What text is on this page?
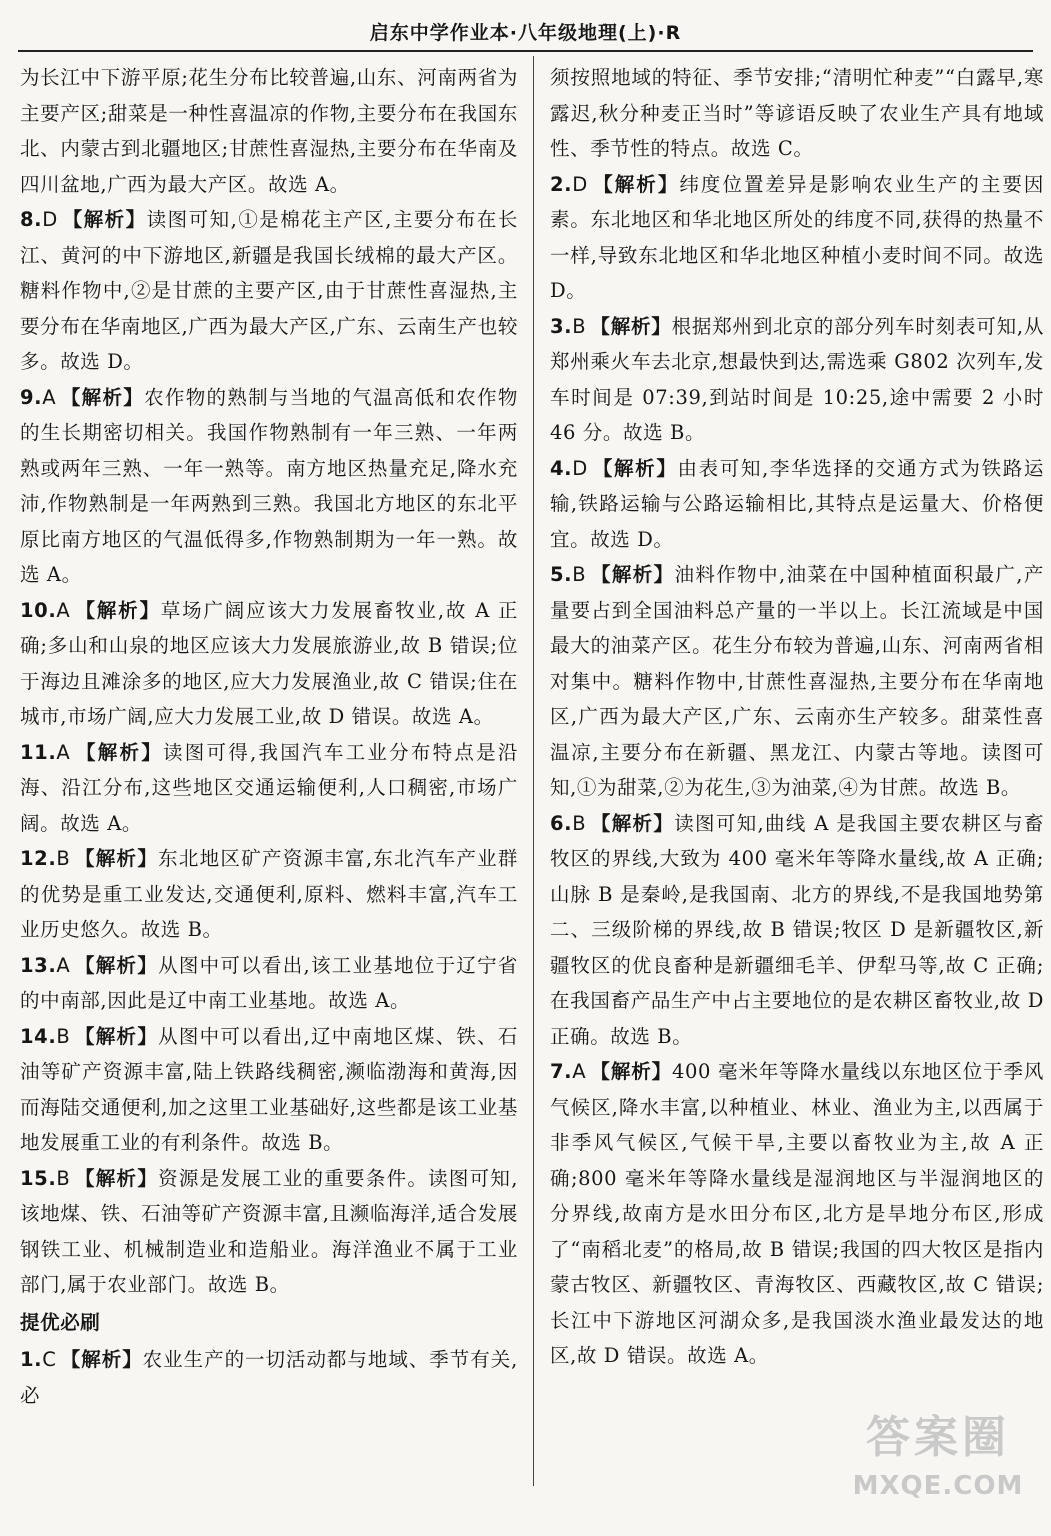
启东中学作业本·八年级地理(上)·R
为长江中下游平原;花生分布比较普遍,山东、河南两省为主要产区;甜菜是一种性喜温凉的作物,主要分布在我国东北、内蒙古到北疆地区;甘蔗性喜湿热,主要分布在华南及四川盆地,广西为最大产区。故选 A。
8.D 【解析】读图可知,①是棉花主产区,主要分布在长江、黄河的中下游地区,新疆是我国长绒棉的最大产区。糖料作物中,②是甘蔗的主要产区,由于甘蔗性喜湿热,主要分布在华南地区,广西为最大产区,广东、云南生产也较多。故选 D。
9.A 【解析】农作物的熟制与当地的气温高低和农作物的生长期密切相关。我国作物熟制有一年三熟、一年两熟或两年三熟、一年一熟等。南方地区热量充足,降水充沛,作物熟制是一年两熟到三熟。我国北方地区的东北平原比南方地区的气温低得多,作物熟制期为一年一熟。故选 A。
10.A 【解析】草场广阔应该大力发展畜牧业,故 A 正确;多山和山泉的地区应该大力发展旅游业,故 B 错误;位于海边且滩涂多的地区,应大力发展渔业,故 C 错误;住在城市,市场广阔,应大力发展工业,故 D 错误。故选 A。
11.A 【解析】读图可得,我国汽车工业分布特点是沿海、沿江分布,这些地区交通运输便利,人口稠密,市场广阔。故选 A。
12.B 【解析】东北地区矿产资源丰富,东北汽车产业群的优势是重工业发达,交通便利,原料、燃料丰富,汽车工业历史悠久。故选 B。
13.A 【解析】从图中可以看出,该工业基地位于辽宁省的中南部,因此是辽中南工业基地。故选 A。
14.B 【解析】从图中可以看出,辽中南地区煤、铁、石油等矿产资源丰富,陆上铁路线稠密,濒临渤海和黄海,因而海陆交通便利,加之这里工业基础好,这些都是该工业基地发展重工业的有利条件。故选 B。
15.B 【解析】资源是发展工业的重要条件。读图可知,该地煤、铁、石油等矿产资源丰富,且濒临海洋,适合发展钢铁工业、机械制造业和造船业。海洋渔业不属于工业部门,属于农业部门。故选 B。
提优必刷
1.C 【解析】农业生产的一切活动都与地域、季节有关,必
须按照地域的特征、季节安排;“清明忙种麦”“白露早,寒露迟,秋分种麦正当时”等谚语反映了农业生产具有地域性、季节性的特点。故选 C。
2.D 【解析】纬度位置差异是影响农业生产的主要因素。东北地区和华北地区所处的纬度不同,获得的热量不一样,导致东北地区和华北地区种植小麦时间不同。故选 D。
3.B 【解析】根据郑州到北京的部分列车时刻表可知,从郑州乘火车去北京,想最快到达,需选乘 G802 次列车,发车时间是 07:39,到站时间是 10:25,途中需要 2 小时 46 分。故选 B。
4.D 【解析】由表可知,李华选择的交通方式为铁路运输,铁路运输与公路运输相比,其特点是运量大、价格便宜。故选 D。
5.B 【解析】油料作物中,油菜在中国种植面积最广,产量要占到全国油料总产量的一半以上。长江流域是中国最大的油菜产区。花生分布较为普遍,山东、河南两省相对集中。糖料作物中,甘蔗性喜湿热,主要分布在华南地区,广西为最大产区,广东、云南亦生产较多。甜菜性喜温凉,主要分布在新疆、黑龙江、内蒙古等地。读图可知,①为甜菜,②为花生,③为油菜,④为甘蔗。故选 B。
6.B 【解析】读图可知,曲线 A 是我国主要农耕区与畜牧区的界线,大致为 400 毫米年等降水量线,故 A 正确;山脉 B 是秦岭,是我国南、北方的界线,不是我国地势第二、三级阶梯的界线,故 B 错误;牧区 D 是新疆牧区,新疆牧区的优良畜种是新疆细毛羊、伊犁马等,故 C 正确;在我国畜产品生产中占主要地位的是农耕区畜牧业,故 D 正确。故选 B。
7.A 【解析】400 毫米年等降水量线以东地区位于季风气候区,降水丰富,以种植业、林业、渔业为主,以西属于非季风气候区,气候干旱,主要以畜牧业为主,故 A 正确;800 毫米年等降水量线是湿润地区与半湿润地区的分界线,故南方是水田分布区,北方是旱地分布区,形成了“南稻北麦”的格局,故 B 错误;我国的四大牧区是指内蒙古牧区、新疆牧区、青海牧区、西藏牧区,故 C 错误;长江中下游地区河湖众多,是我国淡水渔业最发达的地区,故 D 错误。故选 A。
答案圈
MXQE.COM
